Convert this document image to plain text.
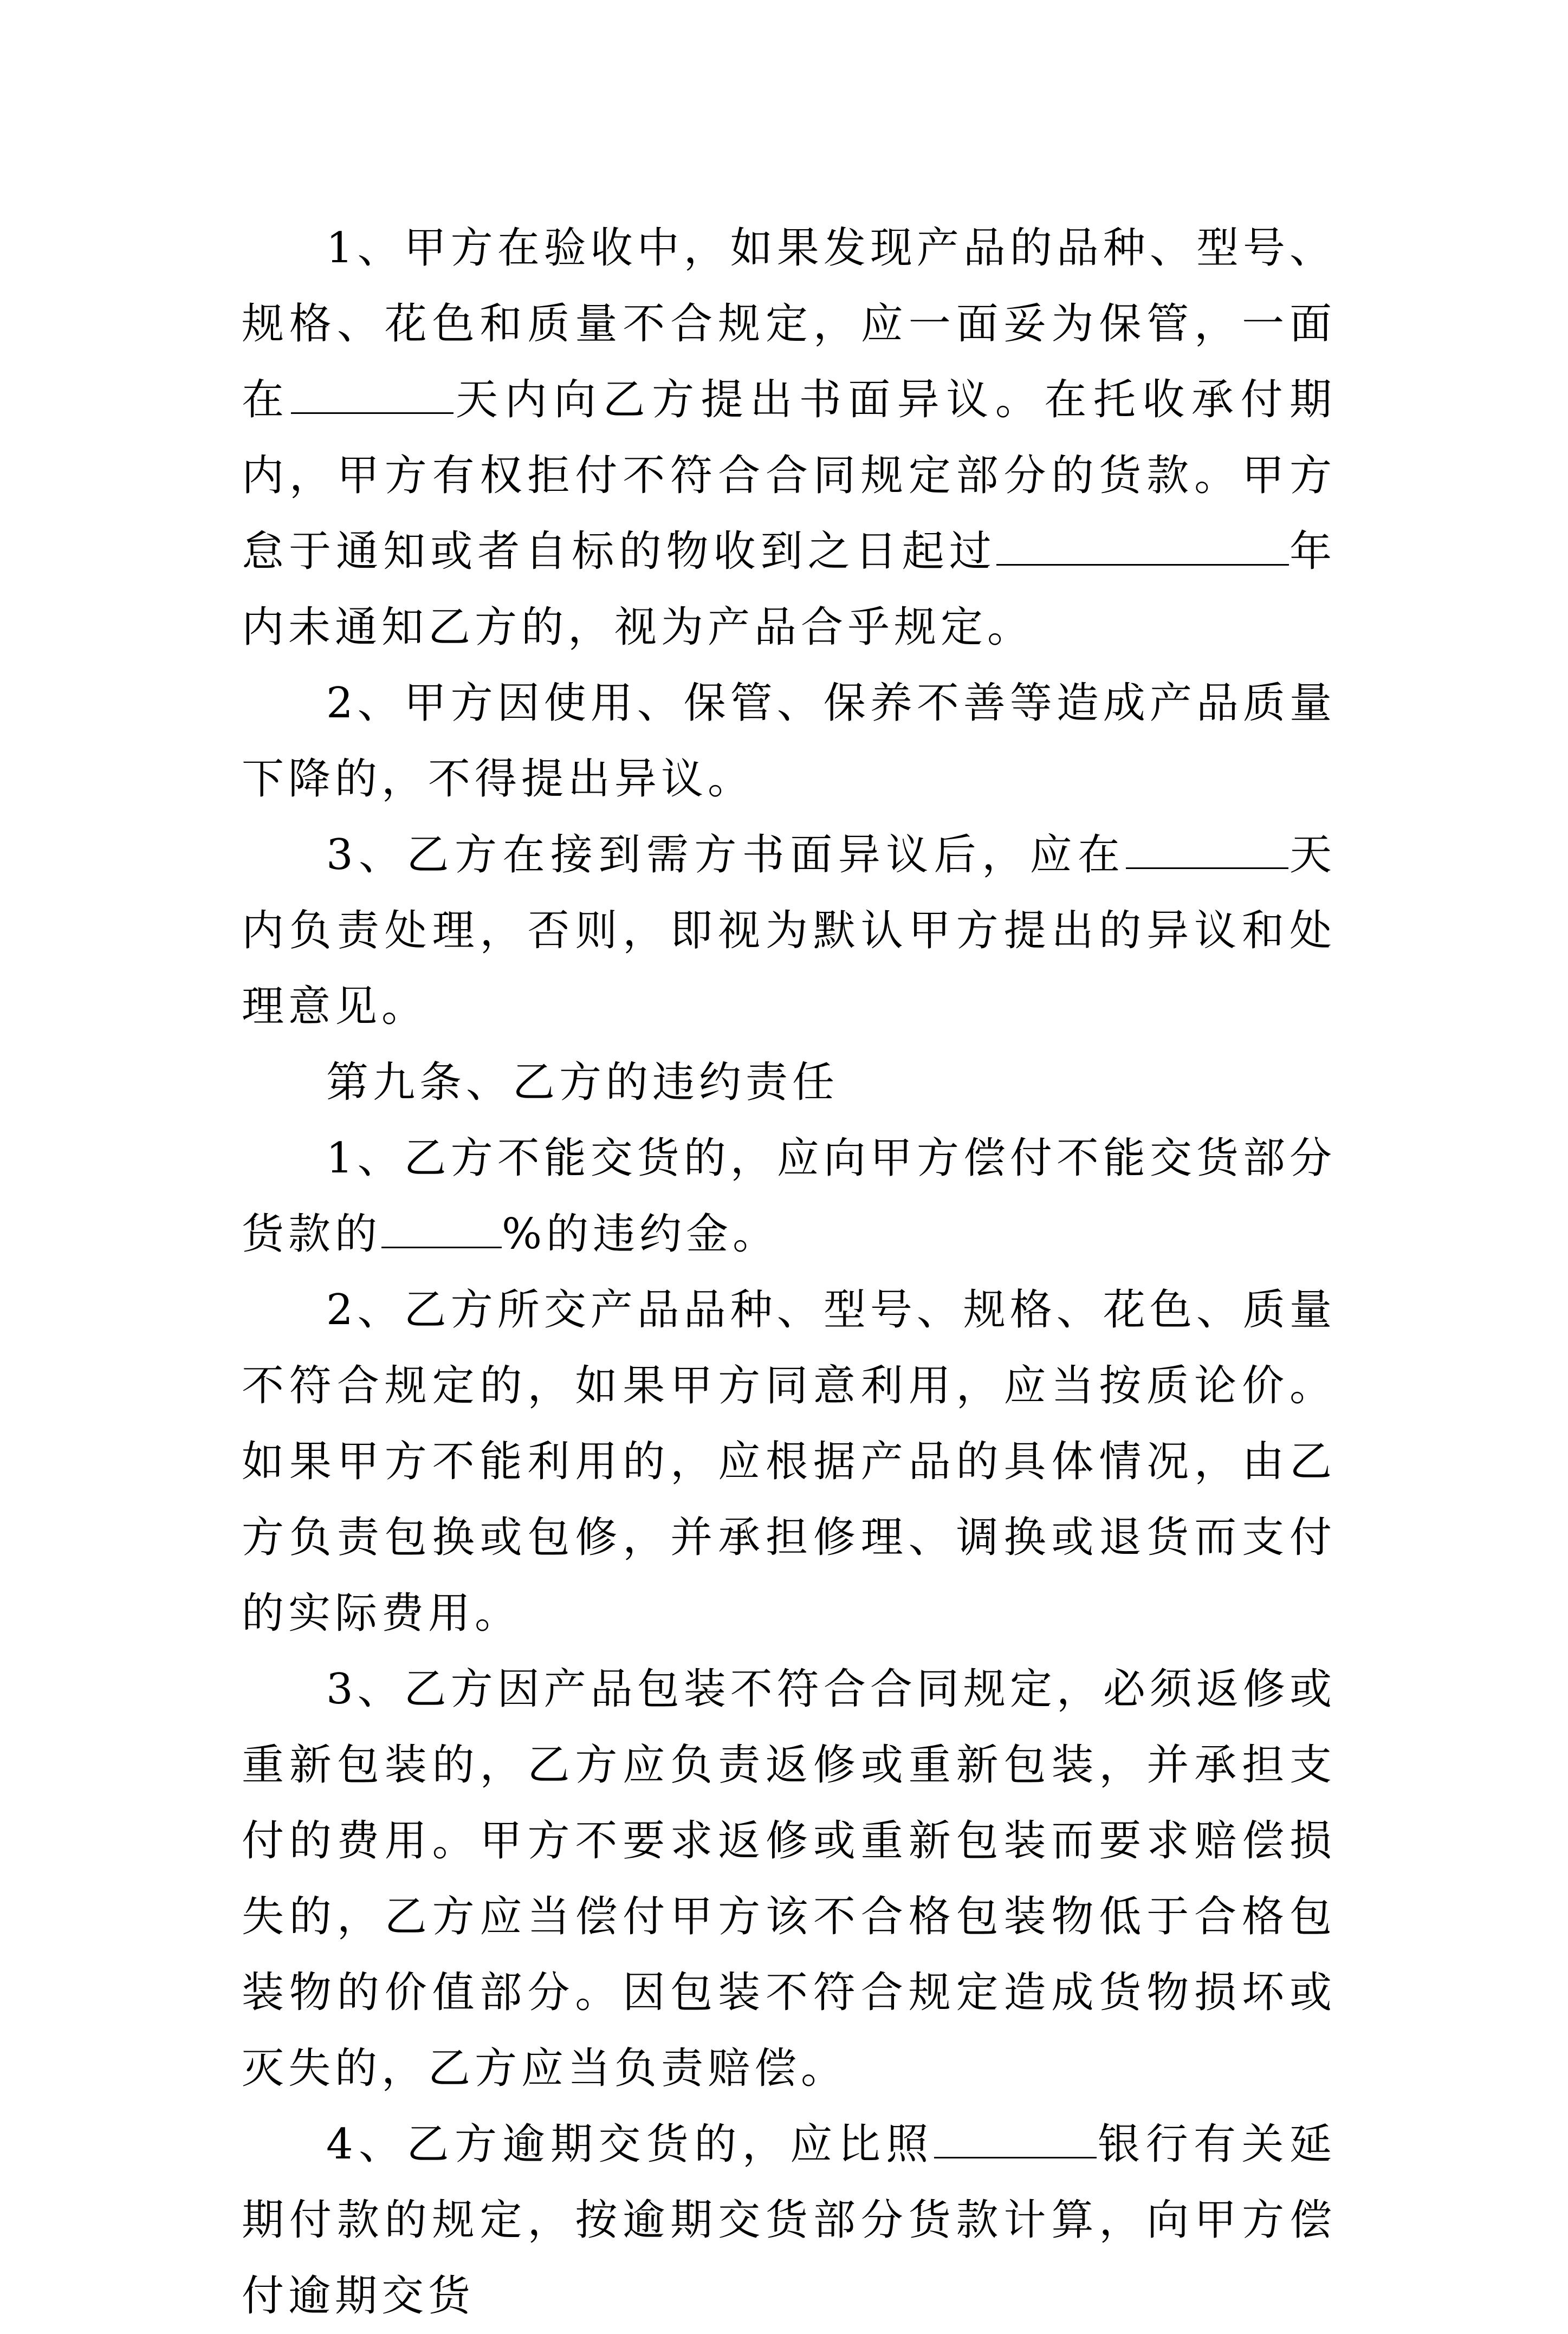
1、甲方在验收中，如果发现产品的品种、型号、规格、花色和质量不合规定，应一面妥为保管，一面在	天内向乙方提出书面异议。在托收承付期内，甲方有权拒付不符合合同规定部分的货款。甲方怠于通知或者自标的物收到之日起过	年内未通知乙方的，视为产品合乎规定。

2、甲方因使用、保管、保养不善等造成产品质量下降的，不得提出异议。

3、乙方在接到需方书面异议后，应在	天内负责处理，否则，即视为默认甲方提出的异议和处理意见。

第九条、乙方的违约责任

1、乙方不能交货的，应向甲方偿付不能交货部分货款的	%的违约金。

2、乙方所交产品品种、型号、规格、花色、质量不符合规定的，如果甲方同意利用，应当按质论价。如果甲方不能利用的，应根据产品的具体情况，由乙方负责包换或包修，并承担修理、调换或退货而支付的实际费用。

3、乙方因产品包装不符合合同规定，必须返修或重新包装的，乙方应负责返修或重新包装，并承担支付的费用。甲方不要求返修或重新包装而要求赔偿损失的，乙方应当偿付甲方该不合格包装物低于合格包装物的价值部分。因包装不符合规定造成货物损坏或灭失的，乙方应当负责赔偿。

4、乙方逾期交货的，应比照	银行有关延期付款的规定，按逾期交货部分货款计算，向甲方偿付逾期交货
